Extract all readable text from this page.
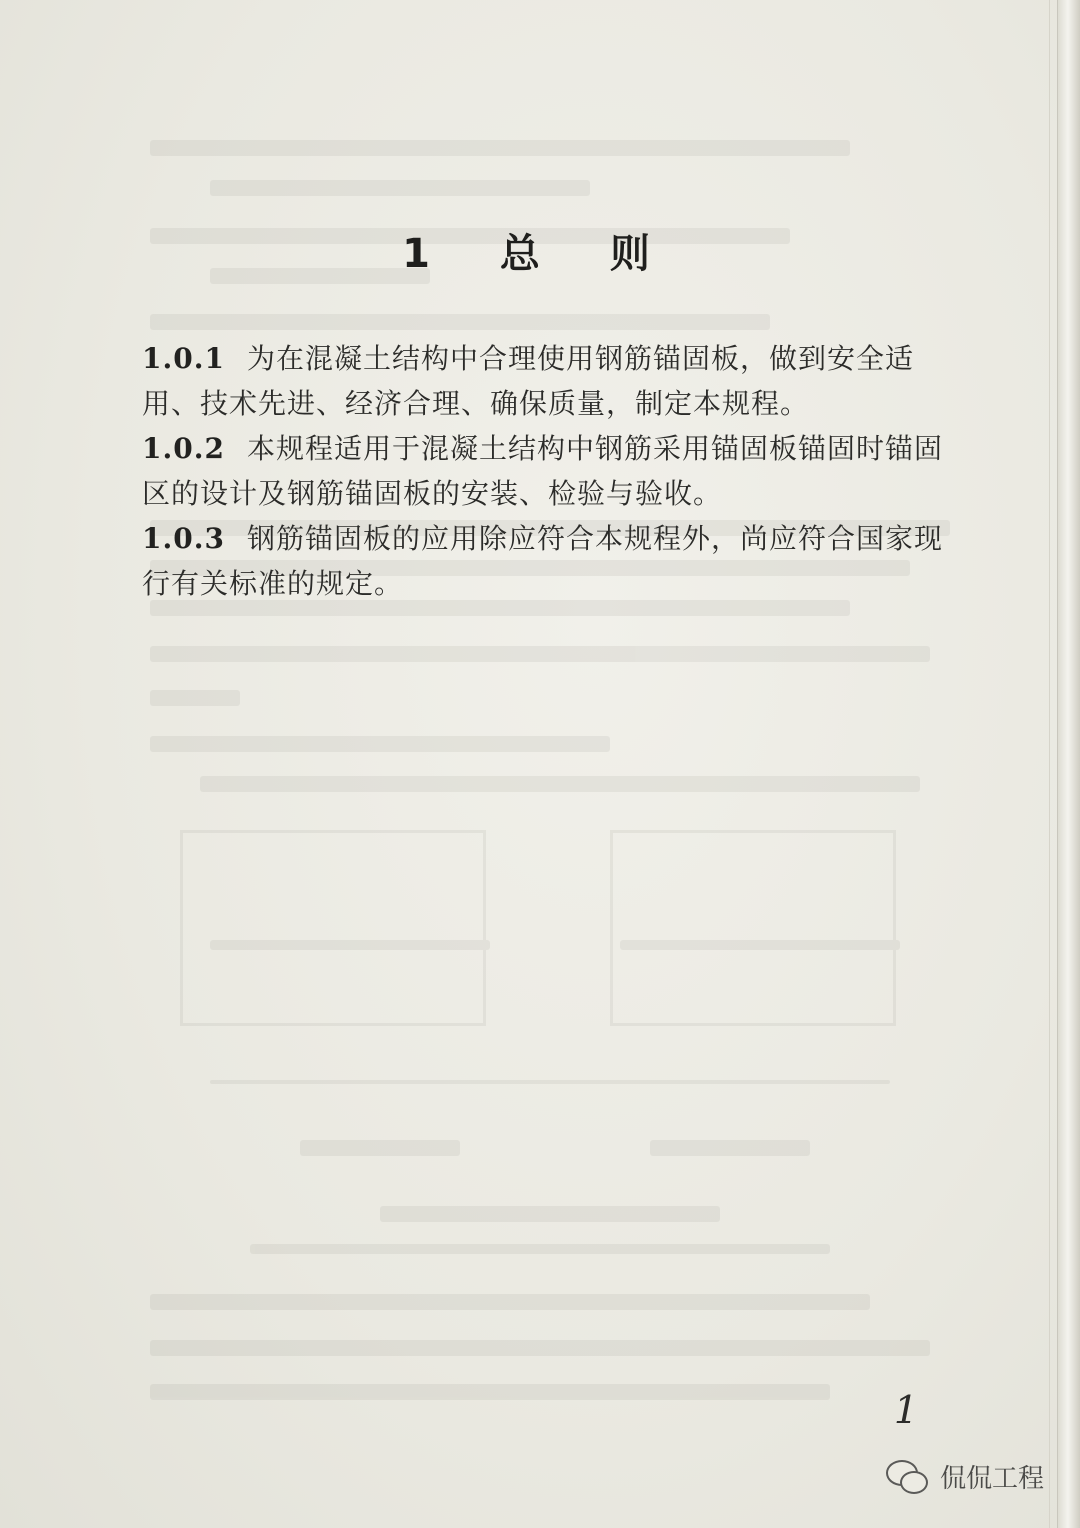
1 总 则

1.0.1 为在混凝土结构中合理使用钢筋锚固板，做到安全适用、技术先进、经济合理、确保质量，制定本规程。

1.0.2 本规程适用于混凝土结构中钢筋采用锚固板锚固时锚固区的设计及钢筋锚固板的安装、检验与验收。

1.0.3 钢筋锚固板的应用除应符合本规程外，尚应符合国家现行有关标准的规定。

1
侃侃工程
